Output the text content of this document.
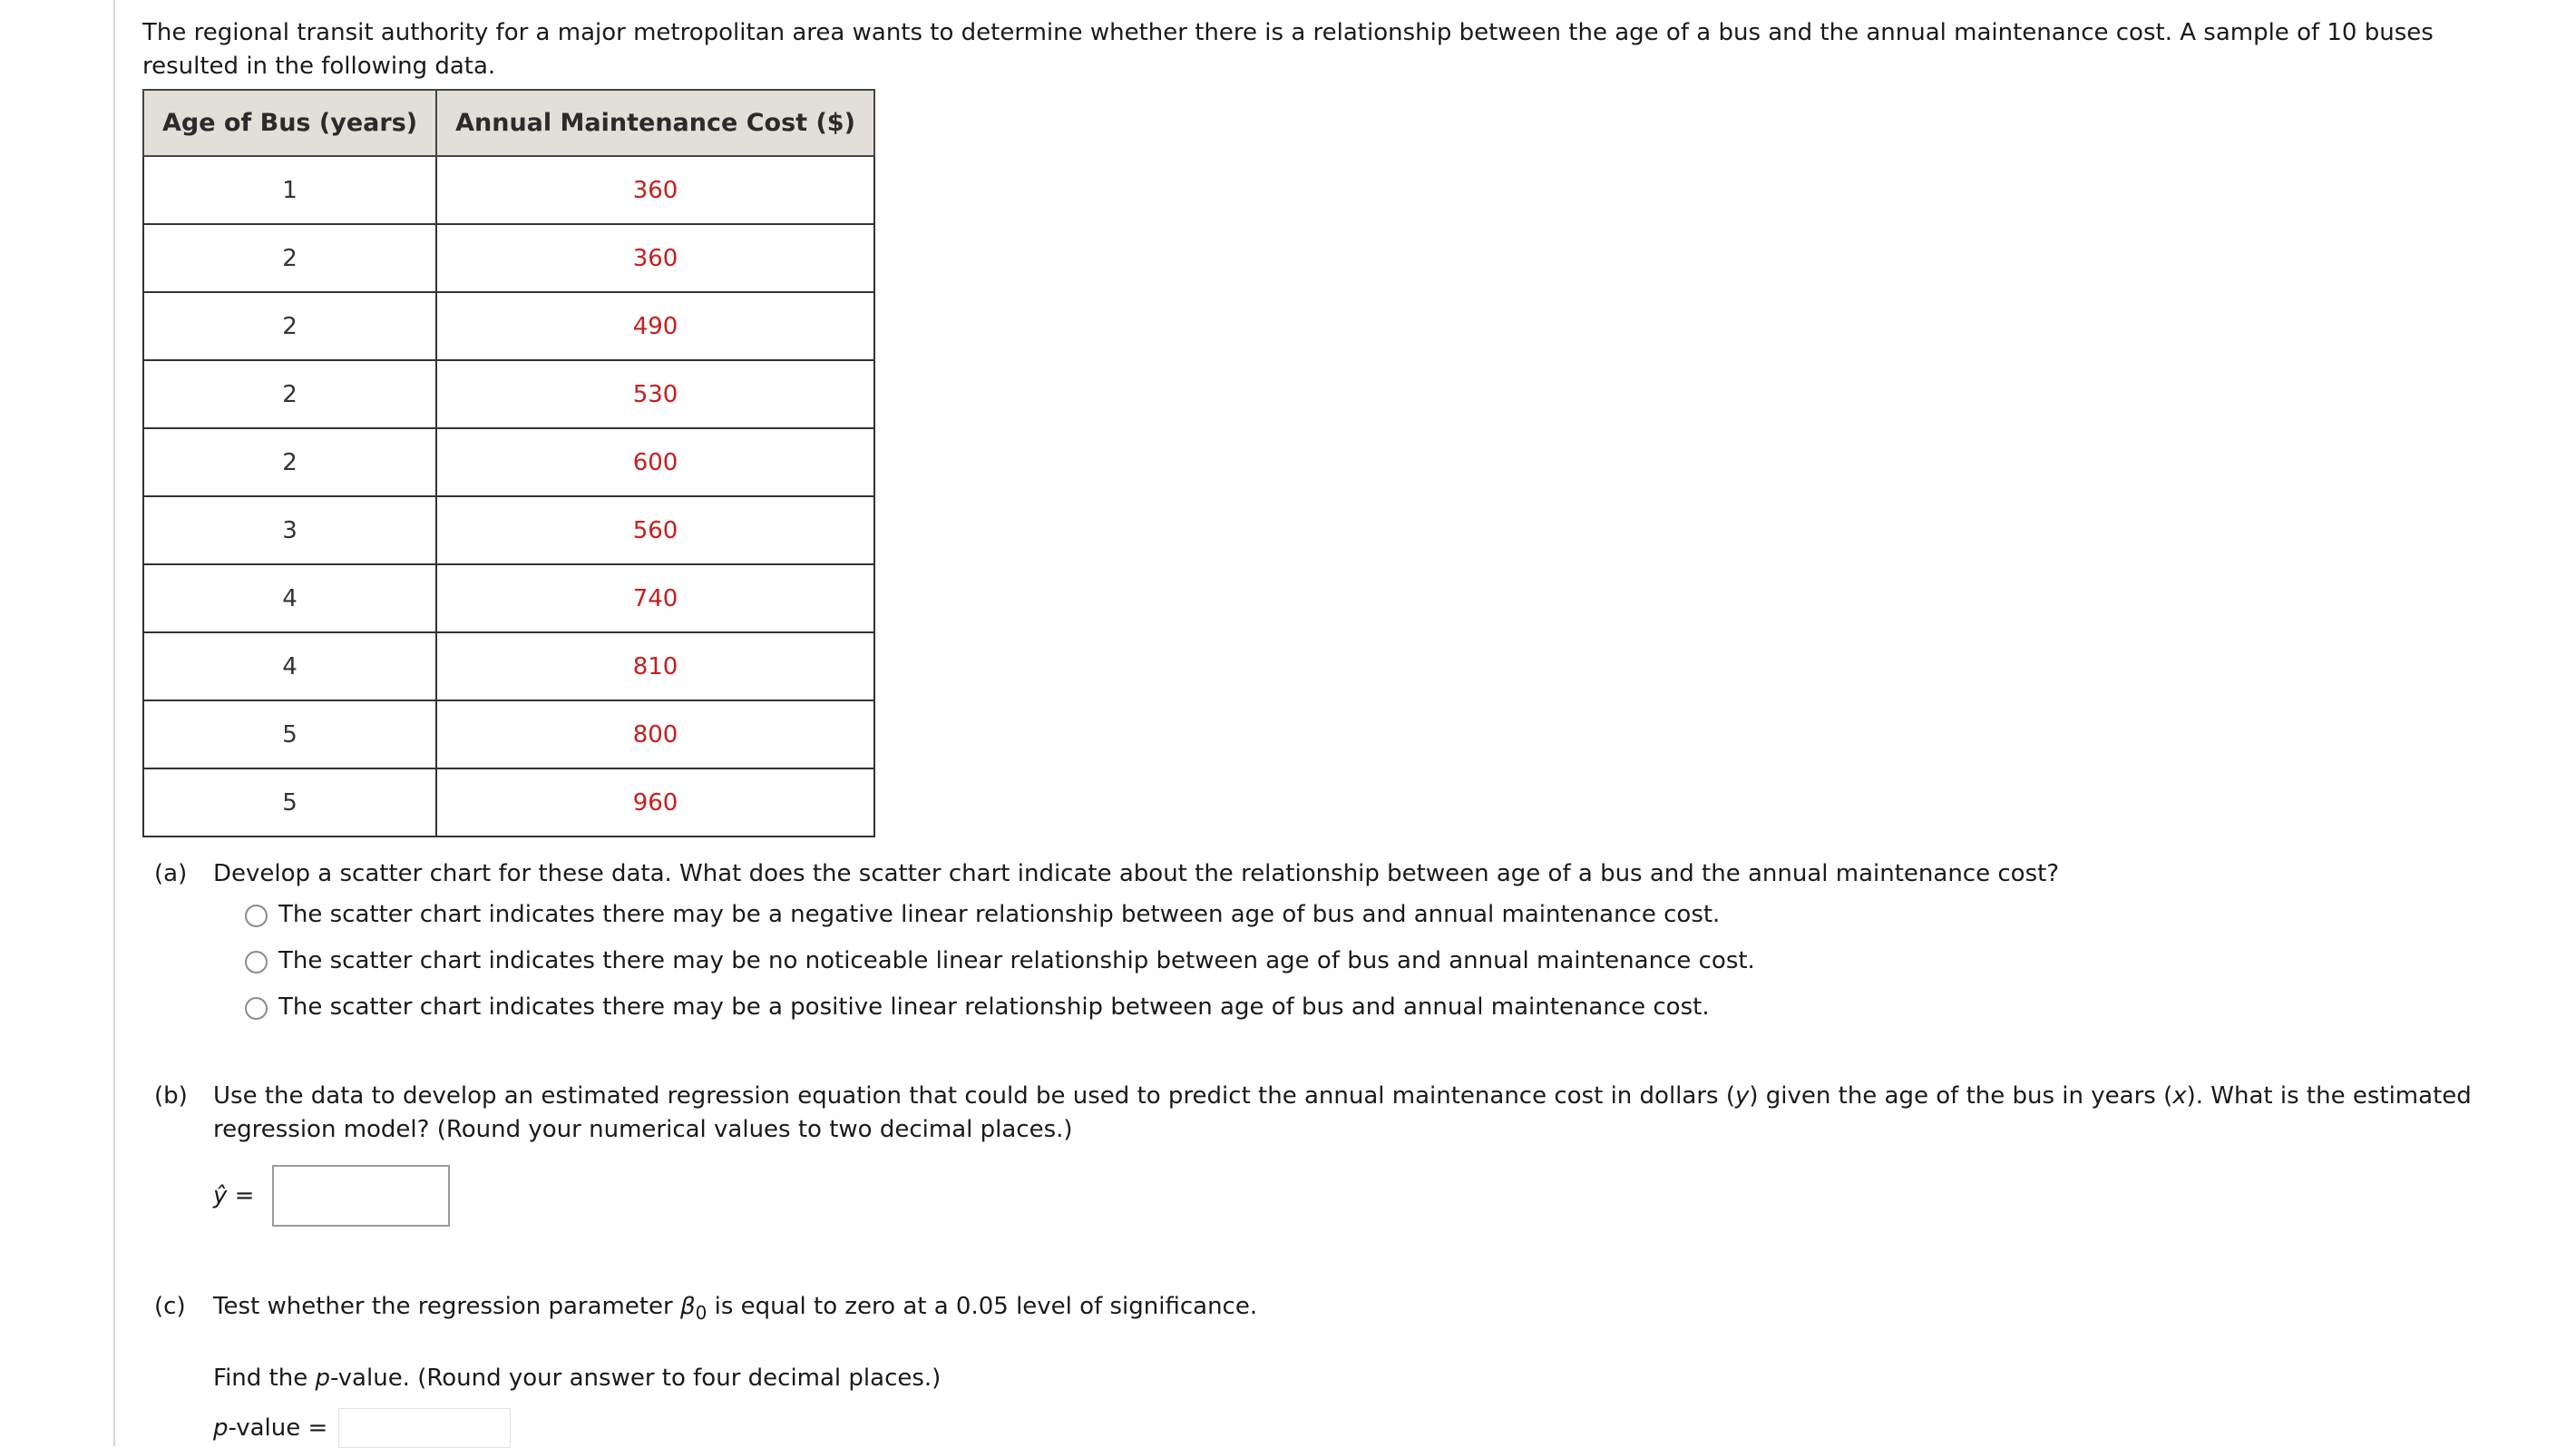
The regional transit authority for a major metropolitan area wants to determine whether there is a relationship between the age of a bus and the annual maintenance cost. A sample of 10 buses
resulted in the following data.

Age of Bus (years)	Annual Maintenance Cost ($)
1	360
2	360
2	490
2	530
2	600
3	560
4	740
4	810
5	800
5	960
(a) Develop a scatter chart for these data. What does the scatter chart indicate about the relationship between age of a bus and the annual maintenance cost?
The scatter chart indicates there may be a negative linear relationship between age of bus and annual maintenance cost.
The scatter chart indicates there may be no noticeable linear relationship between age of bus and annual maintenance cost.
The scatter chart indicates there may be a positive linear relationship between age of bus and annual maintenance cost.
(b)	Use the data to develop an estimated regression equation that could be used to predict the annual maintenance cost in dollars (y) given the age of the bus in years (x). What is the estimated
regression model? (Round your numerical values to two decimal places.)
ŷ =
(c)	Test whether the regression parameter $\beta_0$ is equal to zero at a 0.05 level of significance.
Find the p-value. (Round your answer to four decimal places.)
p -value =
